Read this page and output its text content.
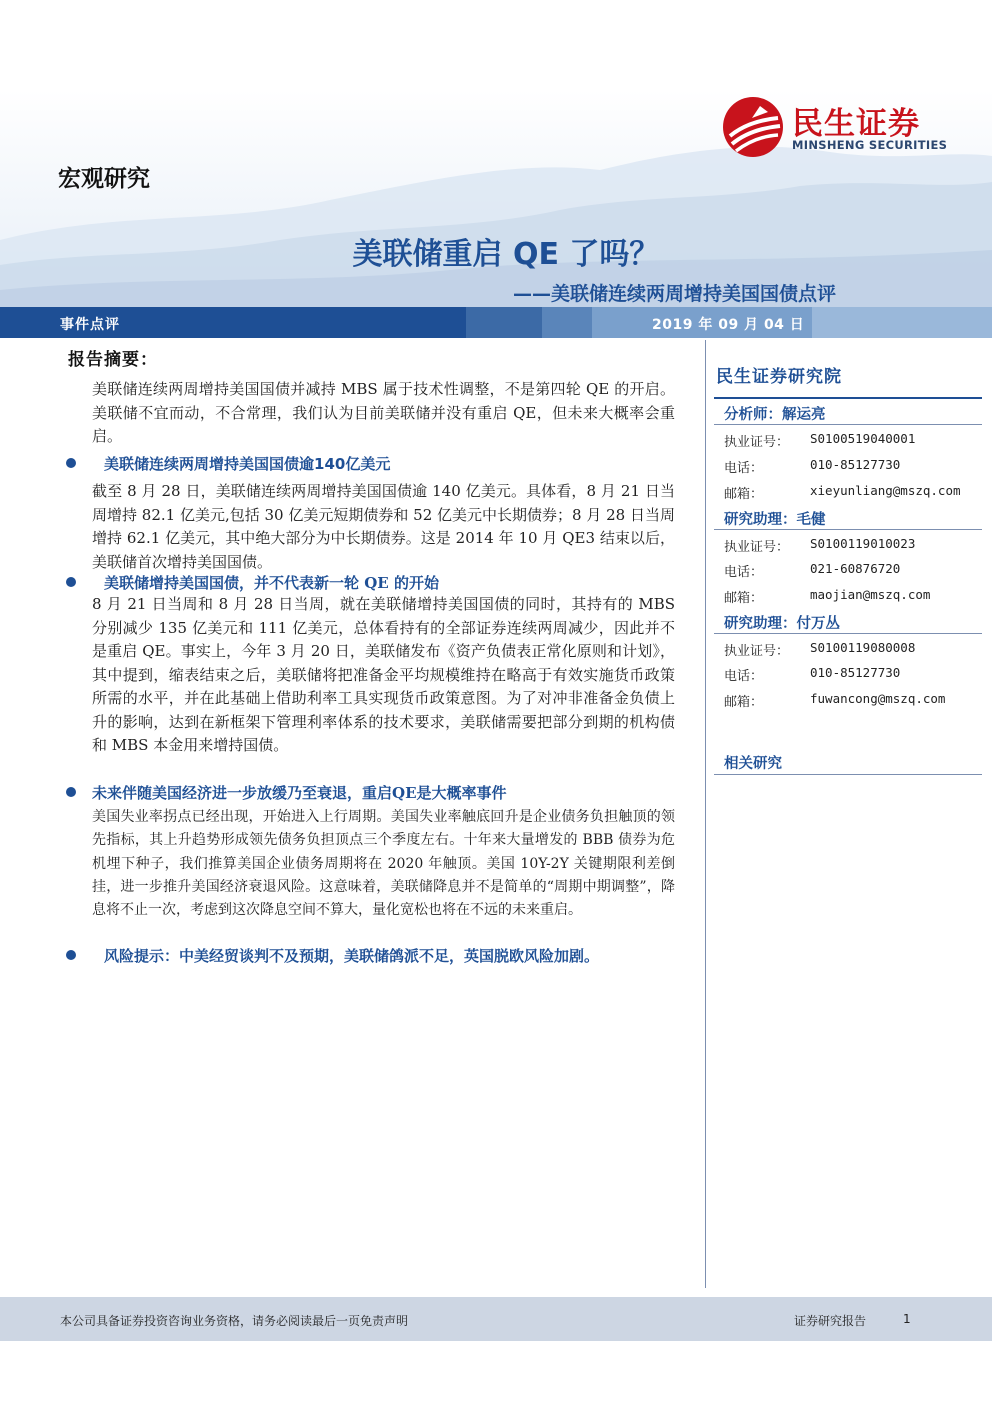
民生证券
MINSHENG SECURITIES
宏观研究
美联储重启 QE 了吗？
——美联储连续两周增持美国国债点评
事件点评	2019 年 09 月 04 日
报告摘要：
美联储连续两周增持美国国债并减持 MBS 属于技术性调整，不是第四轮 QE 的开启。美联储不宜而动，不合常理，我们认为目前美联储并没有重启 QE，但未来大概率会重启。
美联储连续两周增持美国国债逾140亿美元
截至 8 月 28 日，美联储连续两周增持美国国债逾 140 亿美元。具体看，8 月 21 日当周增持 82.1 亿美元,包括 30 亿美元短期债券和 52 亿美元中长期债券；8 月 28 日当周增持 62.1 亿美元，其中绝大部分为中长期债券。这是 2014 年 10 月 QE3 结束以后，美联储首次增持美国国债。
美联储增持美国国债，并不代表新一轮 QE 的开始
8 月 21 日当周和 8 月 28 日当周，就在美联储增持美国国债的同时，其持有的 MBS 分别减少 135 亿美元和 111 亿美元，总体看持有的全部证券连续两周减少，因此并不是重启 QE。事实上，今年 3 月 20 日，美联储发布《资产负债表正常化原则和计划》，其中提到，缩表结束之后，美联储将把准备金平均规模维持在略高于有效实施货币政策所需的水平，并在此基础上借助利率工具实现货币政策意图。为了对冲非准备金负债上升的影响，达到在新框架下管理利率体系的技术要求，美联储需要把部分到期的机构债和 MBS 本金用来增持国债。
未来伴随美国经济进一步放缓乃至衰退，重启QE是大概率事件
美国失业率拐点已经出现，开始进入上行周期。美国失业率触底回升是企业债务负担触顶的领先指标，其上升趋势形成领先债务负担顶点三个季度左右。十年来大量增发的 BBB 债券为危机埋下种子，我们推算美国企业债务周期将在 2020 年触顶。美国 10Y-2Y 关键期限利差倒挂，进一步推升美国经济衰退风险。这意味着，美联储降息并不是简单的“周期中期调整”，降息将不止一次，考虑到这次降息空间不算大，量化宽松也将在不远的未来重启。
风险提示：中美经贸谈判不及预期，美联储鸽派不足，英国脱欧风险加剧。
民生证券研究院
分析师：解运亮
执业证号： S0100519040001
电话：	010-85127730
邮箱：	xieyunliang@mszq.com
研究助理：毛健
执业证号： S0100119010023
电话：	021-60876720
邮箱：	maojian@mszq.com
研究助理：付万丛
执业证号： S0100119080008
电话：	010-85127730
邮箱：	fuwancong@mszq.com
相关研究
本公司具备证券投资咨询业务资格，请务必阅读最后一页免责声明	证券研究报告	1
